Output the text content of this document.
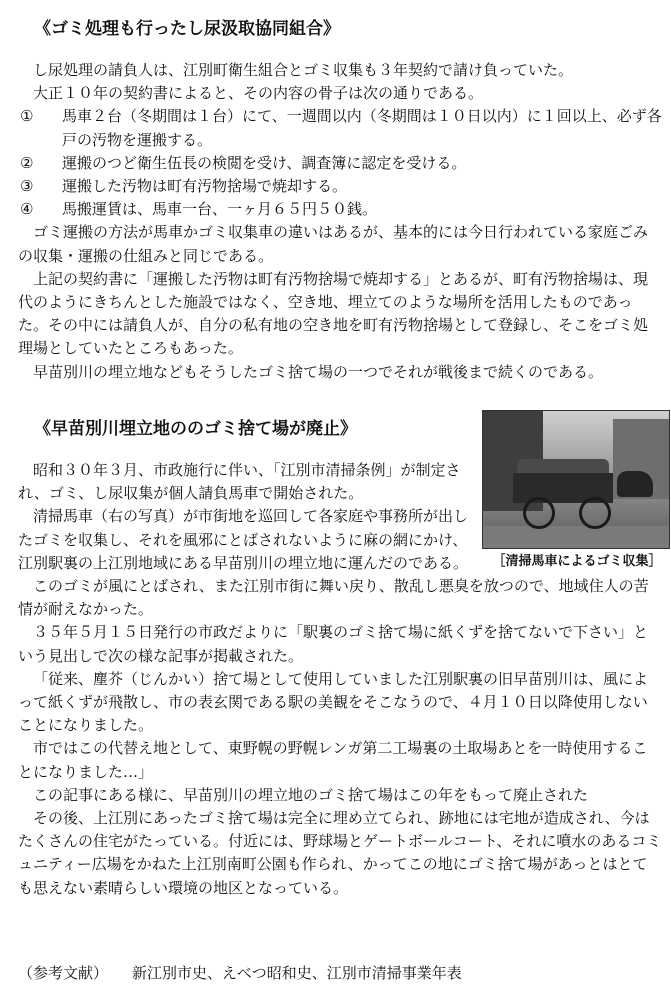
《ゴミ処理も行ったし尿汲取協同組合》

し尿処理の請負人は、江別町衛生組合とゴミ収集も３年契約で請け負っていた。

大正１０年の契約書によると、その内容の骨子は次の通りである。

①	馬車２台（冬期間は１台）にて、一週間以内（冬期間は１０日以内）に１回以上、必ず各戸の汚物を運搬する。
②	運搬のつど衛生伍長の検閲を受け、調査簿に認定を受ける。
③	運搬した汚物は町有汚物捨場で焼却する。
④	馬搬運賃は、馬車一台、一ヶ月６５円５０銭。

ゴミ運搬の方法が馬車かゴミ収集車の違いはあるが、基本的には今日行われている家庭ごみの収集・運搬の仕組みと同じである。

上記の契約書に「運搬した汚物は町有汚物捨場で焼却する」とあるが、町有汚物捨場は、現代のようにきちんとした施設ではなく、空き地、埋立てのような場所を活用したものであった。その中には請負人が、自分の私有地の空き地を町有汚物捨場として登録し、そこをゴミ処理場としていたところもあった。

早苗別川の埋立地などもそうしたゴミ捨て場の一つでそれが戦後まで続くのである。

《早苗別川埋立地ののゴミ捨て場が廃止》
［清掃馬車によるゴミ収集］

昭和３０年３月、市政施行に伴い、「江別市清掃条例」が制定され、ゴミ、し尿収集が個人請負馬車で開始された。

清掃馬車（右の写真）が市街地を巡回して各家庭や事務所が出したゴミを収集し、それを風邪にとばされないように麻の網にかけ、江別駅裏の上江別地域にある早苗別川の埋立地に運んだのである。

このゴミが風にとばされ、また江別市街に舞い戻り、散乱し悪臭を放つので、地域住人の苦情が耐えなかった。

３５年５月１５日発行の市政だよりに「駅裏のゴミ捨て場に紙くずを捨てないで下さい」という見出しで次の様な記事が掲載された。

「従来、塵芥（じんかい）捨て場として使用していました江別駅裏の旧早苗別川は、風によって紙くずが飛散し、市の表玄関である駅の美観をそこなうので、４月１０日以降使用しないことになりました。

市ではこの代替え地として、東野幌の野幌レンガ第二工場裏の土取場あとを一時使用することになりました…」

この記事にある様に、早苗別川の埋立地のゴミ捨て場はこの年をもって廃止された

その後、上江別にあったゴミ捨て場は完全に埋め立てられ、跡地には宅地が造成され、今はたくさんの住宅がたっている。付近には、野球場とゲートボールコート、それに噴水のあるコミュニティー広場をかねた上江別南町公園も作られ、かってこの地にゴミ捨て場があっとはとても思えない素晴らしい環境の地区となっている。

（参考文献） 新江別市史、えべつ昭和史、江別市清掃事業年表
